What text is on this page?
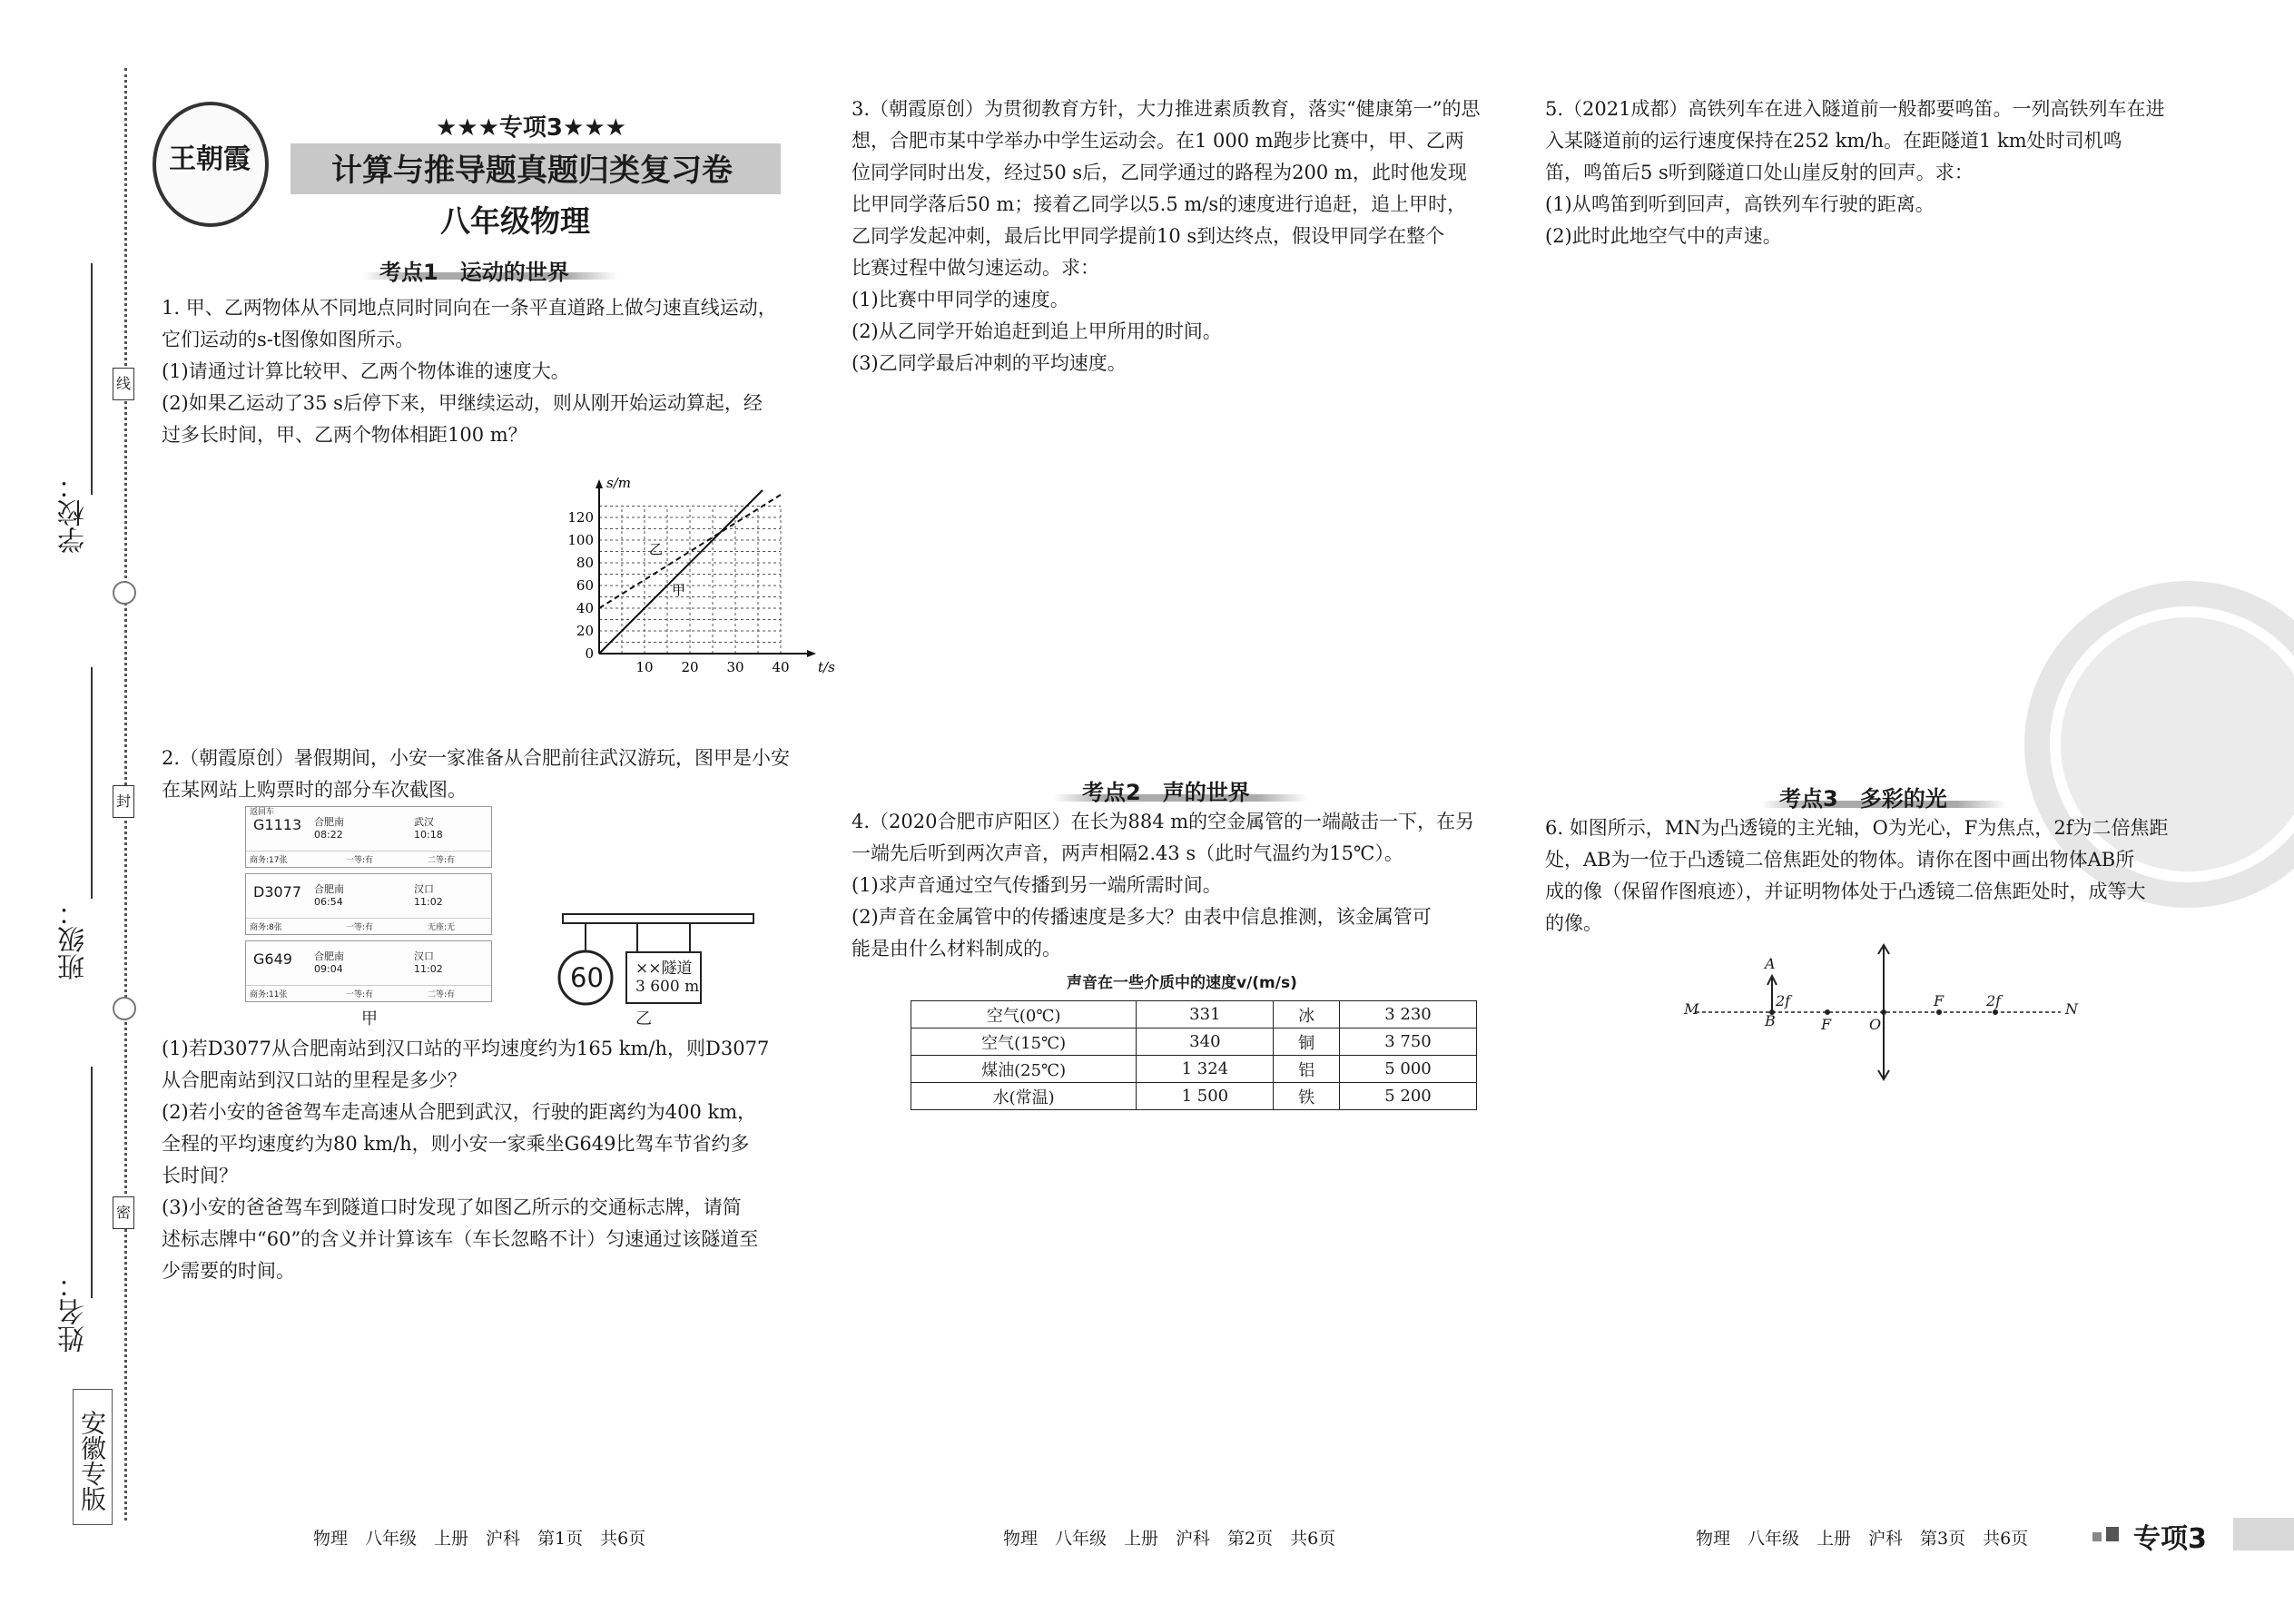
学校：
班级：
姓名：
线
封
密
安徽专版
王朝霞
★★★专项3★★★
计算与推导题真题归类复习卷
八年级物理
考点1　运动的世界
1. 甲、乙两物体从不同地点同时同向在一条平直道路上做匀速直线运动，
它们运动的s-t图像如图所示。
(1)请通过计算比较甲、乙两个物体谁的速度大。
(2)如果乙运动了35 s后停下来，甲继续运动，则从刚开始运动算起，经
过多长时间，甲、乙两个物体相距100 m？
10 20 30 40
20
40
60
80
100
120
0
t/s
s/m
甲
乙
2.（朝霞原创）暑假期间，小安一家准备从合肥前往武汉游玩，图甲是小安
在某网站上购票时的部分车次截图。
返回车
G1113 合肥南
08:22
武汉
10:18
商务:17张	一等:有	二等:有
D3077 合肥南
06:54
汉口
11:02
商务:8张	一等:有	无座:无
G649 合肥南
09:04
汉口
11:02
商务:11张	一等:有	二等:有
甲
60 ××隧道
3 600 m
乙
(1)若D3077从合肥南站到汉口站的平均速度约为165 km/h，则D3077
从合肥南站到汉口站的里程是多少？
(2)若小安的爸爸驾车走高速从合肥到武汉，行驶的距离约为400 km，
全程的平均速度约为80 km/h，则小安一家乘坐G649比驾车节省约多
长时间？
(3)小安的爸爸驾车到隧道口时发现了如图乙所示的交通标志牌，请简
述标志牌中“60”的含义并计算该车（车长忽略不计）匀速通过该隧道至
少需要的时间。
3.（朝霞原创）为贯彻教育方针，大力推进素质教育，落实“健康第一”的思
想，合肥市某中学举办中学生运动会。在1 000 m跑步比赛中，甲、乙两
位同学同时出发，经过50 s后，乙同学通过的路程为200 m，此时他发现
比甲同学落后50 m；接着乙同学以5.5 m/s的速度进行追赶，追上甲时，
乙同学发起冲刺，最后比甲同学提前10 s到达终点，假设甲同学在整个
比赛过程中做匀速运动。求：
(1)比赛中甲同学的速度。
(2)从乙同学开始追赶到追上甲所用的时间。
(3)乙同学最后冲刺的平均速度。
考点2　声的世界
4.（2020合肥市庐阳区）在长为884 m的空金属管的一端敲击一下，在另
一端先后听到两次声音，两声相隔2.43 s（此时气温约为15℃）。
(1)求声音通过空气传播到另一端所需时间。
(2)声音在金属管中的传播速度是多大？由表中信息推测，该金属管可
能是由什么材料制成的。
声音在一些介质中的速度v/(m/s)
空气(0℃)	331	冰	3 230
空气(15℃)	340	铜	3 750
煤油(25℃)	1 324	铝	5 000
水(常温)	1 500	铁	5 200
5.（2021成都）高铁列车在进入隧道前一般都要鸣笛。一列高铁列车在进
入某隧道前的运行速度保持在252 km/h。在距隧道1 km处时司机鸣
笛，鸣笛后5 s听到隧道口处山崖反射的回声。求：
(1)从鸣笛到听到回声，高铁列车行驶的距离。
(2)此时此地空气中的声速。
考点3　多彩的光
6. 如图所示，MN为凸透镜的主光轴，O为光心，F为焦点，2f为二倍焦距
处，AB为一位于凸透镜二倍焦距处的物体。请你在图中画出物体AB所
成的像（保留作图痕迹），并证明物体处于凸透镜二倍焦距处时，成等大
的像。
M	N
A
B
2f
F	O
F	2f
物理　八年级　上册　沪科　第1页　共6页	物理　八年级　上册　沪科　第2页　共6页	物理　八年级　上册　沪科　第3页　共6页	专项3
